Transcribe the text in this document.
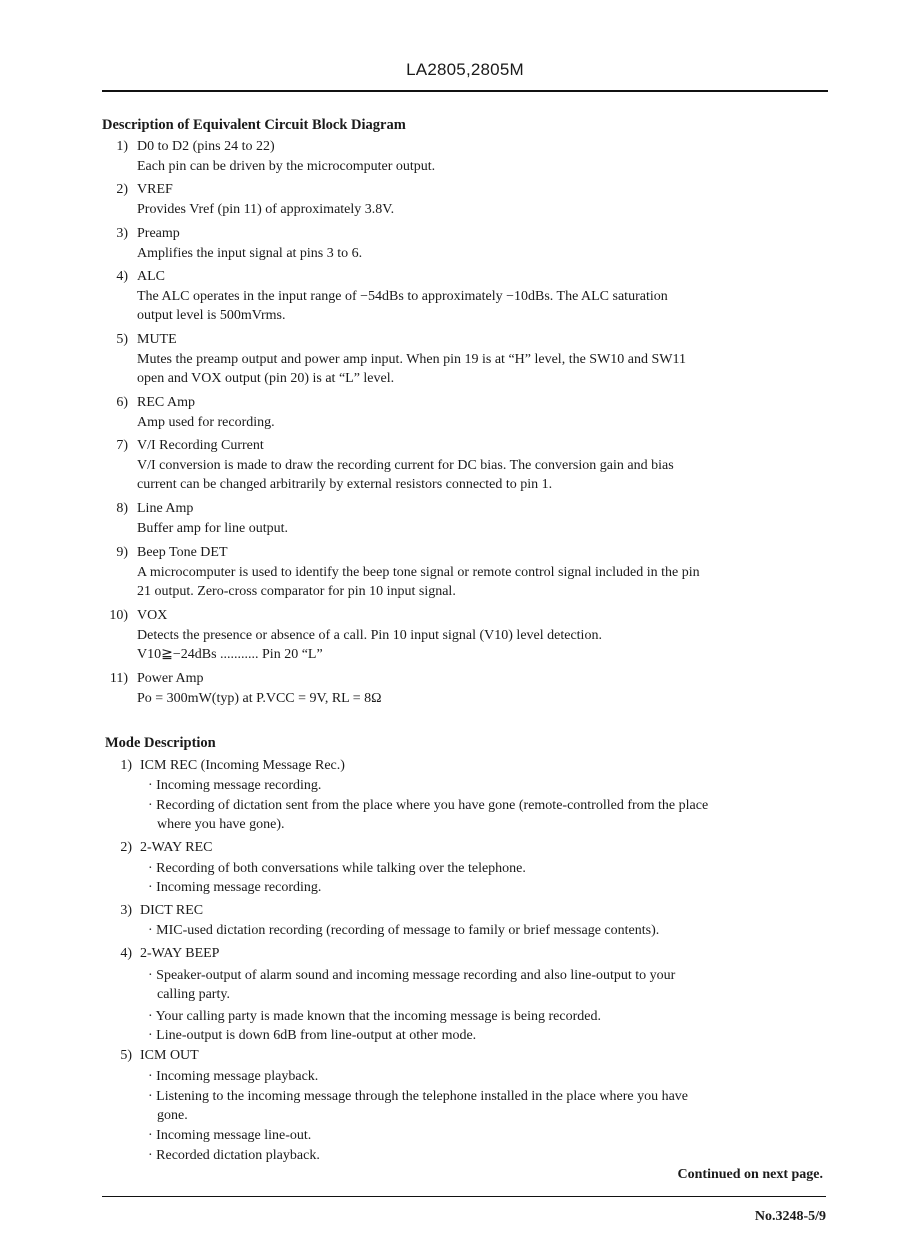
LA2805,2805M
Description of Equivalent Circuit Block Diagram
1) D0 to D2 (pins 24 to 22)
Each pin can be driven by the microcomputer output.
2) VREF
Provides Vref (pin 11) of approximately 3.8V.
3) Preamp
Amplifies the input signal at pins 3 to 6.
4) ALC
The ALC operates in the input range of −54dBs to approximately −10dBs. The ALC saturation
output level is 500mVrms.
5) MUTE
Mutes the preamp output and power amp input. When pin 19 is at “H” level, the SW10 and SW11
open and VOX output (pin 20) is at “L” level.
6) REC Amp
Amp used for recording.
7) V/I Recording Current
V/I conversion is made to draw the recording current for DC bias. The conversion gain and bias
current can be changed arbitrarily by external resistors connected to pin 1.
8) Line Amp
Buffer amp for line output.
9) Beep Tone DET
A microcomputer is used to identify the beep tone signal or remote control signal included in the pin
21 output. Zero-cross comparator for pin 10 input signal.
10) VOX
Detects the presence or absence of a call. Pin 10 input signal (V10) level detection.
V10≧−24dBs ........... Pin 20 “L”
11) Power Amp
Po = 300mW(typ) at P.VCC = 9V, RL = 8Ω
Mode Description
1) ICM REC (Incoming Message Rec.)
· Incoming message recording.
· Recording of dictation sent from the place where you have gone (remote-controlled from the place
where you have gone).
2) 2-WAY REC
· Recording of both conversations while talking over the telephone.
· Incoming message recording.
3) DICT REC
· MIC-used dictation recording (recording of message to family or brief message contents).
4) 2-WAY BEEP
· Speaker-output of alarm sound and incoming message recording and also line-output to your
calling party.
· Your calling party is made known that the incoming message is being recorded.
· Line-output is down 6dB from line-output at other mode.
5) ICM OUT
· Incoming message playback.
· Listening to the incoming message through the telephone installed in the place where you have
gone.
· Incoming message line-out.
· Recorded dictation playback.
Continued on next page.
No.3248-5/9
